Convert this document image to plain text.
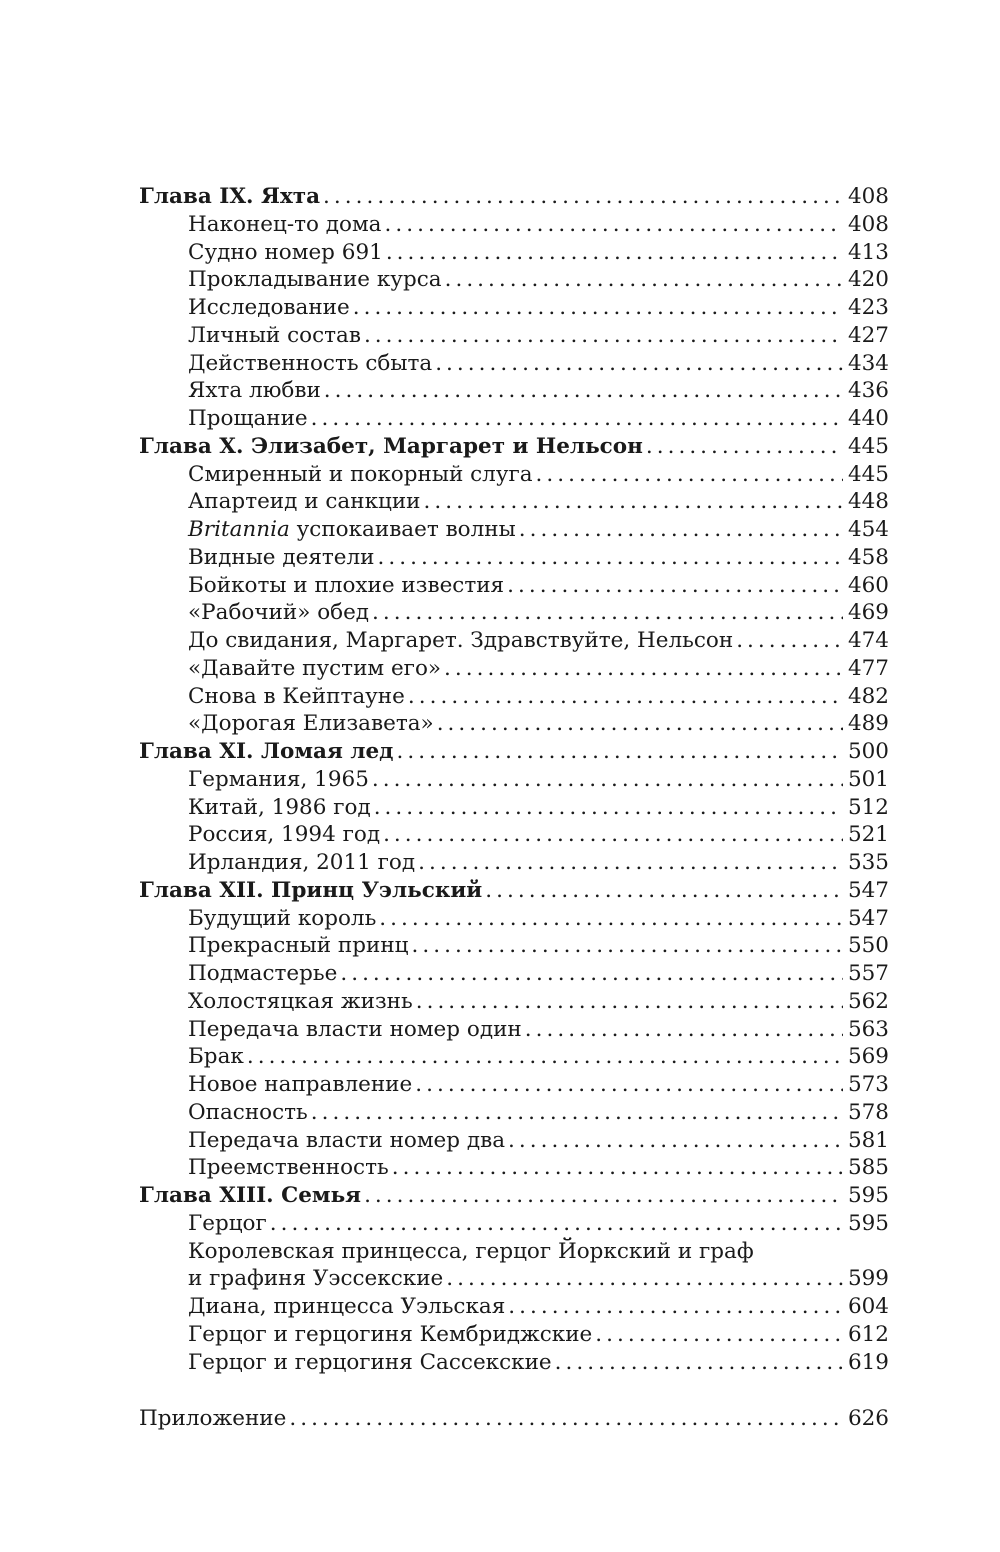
Глава IX. Яхта . . .	408
Наконец-то дома . . .	408
Судно номер 691 . . .	413
Прокладывание курса . . .	420
Исследование . . .	423
Личный состав . . .	427
Действенность сбыта . . .	434
Яхта любви . . .	436
Прощание . . .	440
Глава X. Элизабет, Маргарет и Нельсон . . .	445
Смиренный и покорный слуга . . .	445
Апартеид и санкции . . .	448
Britannia успокаивает волны . . .	454
Видные деятели . . .	458
Бойкоты и плохие известия . . .	460
«Рабочий» обед . . .	469
До свидания, Маргарет. Здравствуйте, Нельсон . . .	474
«Давайте пустим его» . . .	477
Снова в Кейптауне . . .	482
«Дорогая Елизавета» . . .	489
Глава XI. Ломая лед . . .	500
Германия, 1965 . . .	501
Китай, 1986 год . . .	512
Россия, 1994 год . . .	521
Ирландия, 2011 год . . .	535
Глава XII. Принц Уэльский . . .	547
Будущий король . . .	547
Прекрасный принц . . .	550
Подмастерье . . .	557
Холостяцкая жизнь . . .	562
Передача власти номер один . . .	563
Брак . . .	569
Новое направление . . .	573
Опасность . . .	578
Передача власти номер два . . .	581
Преемственность . . .	585
Глава XIII. Семья . . .	595
Герцог . . .	595
Королевская принцесса, герцог Йоркский и граф
и графиня Уэссекские . . .	599
Диана, принцесса Уэльская . . .	604
Герцог и герцогиня Кембриджские . . .	612
Герцог и герцогиня Сассекские . . .	619
Приложение . . .	626
